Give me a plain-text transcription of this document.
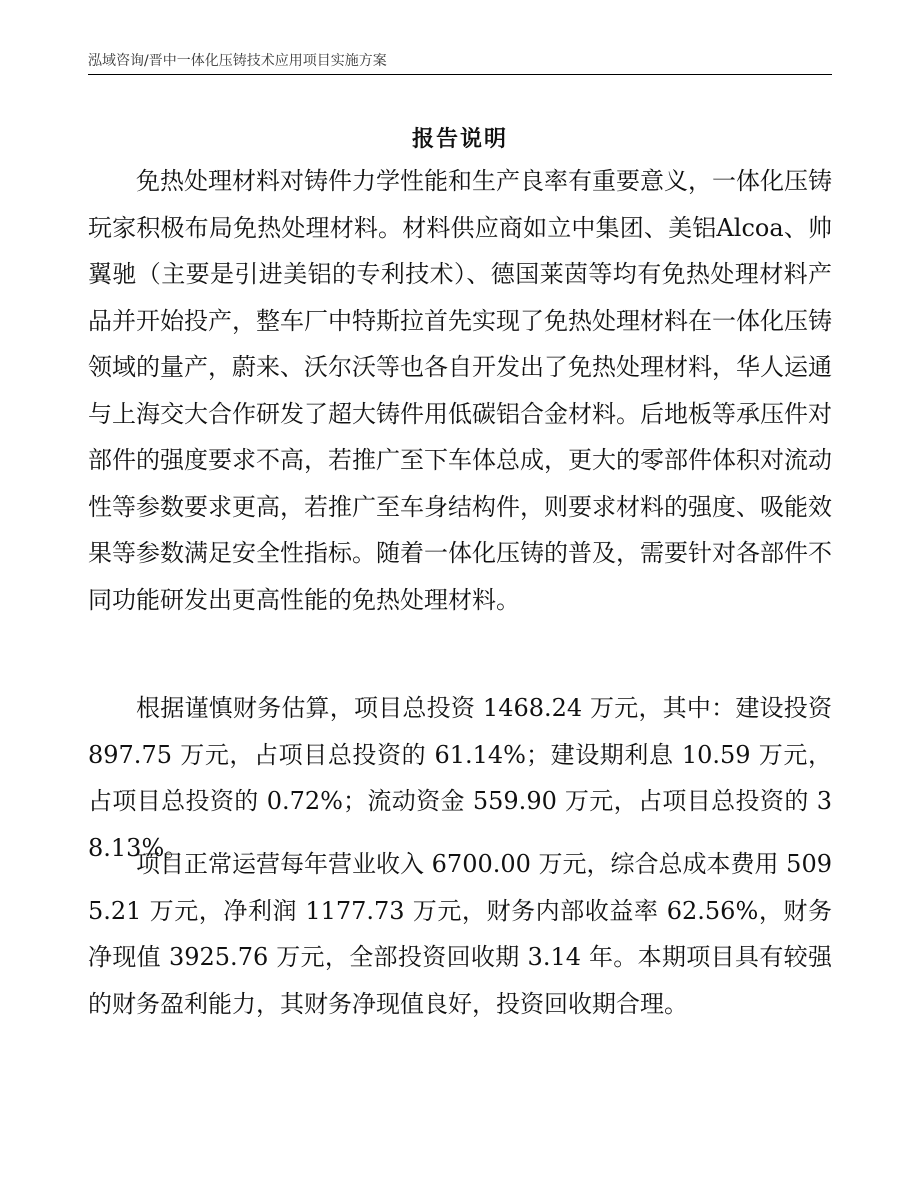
泓域咨询/晋中一体化压铸技术应用项目实施方案
报告说明

免热处理材料对铸件力学性能和生产良率有重要意义，一体化压铸玩家积极布局免热处理材料。材料供应商如立中集团、美铝Alcoa、帅翼驰（主要是引进美铝的专利技术）、德国莱茵等均有免热处理材料产品并开始投产，整车厂中特斯拉首先实现了免热处理材料在一体化压铸领域的量产，蔚来、沃尔沃等也各自开发出了免热处理材料，华人运通与上海交大合作研发了超大铸件用低碳铝合金材料。后地板等承压件对部件的强度要求不高，若推广至下车体总成，更大的零部件体积对流动性等参数要求更高，若推广至车身结构件，则要求材料的强度、吸能效果等参数满足安全性指标。随着一体化压铸的普及，需要针对各部件不同功能研发出更高性能的免热处理材料。

根据谨慎财务估算，项目总投资 1468.24 万元，其中：建设投资 897.75 万元，占项目总投资的 61.14%；建设期利息 10.59 万元，占项目总投资的 0.72%；流动资金 559.90 万元，占项目总投资的 38.13%。

项目正常运营每年营业收入 6700.00 万元，综合总成本费用 5095.21 万元，净利润 1177.73 万元，财务内部收益率 62.56%，财务净现值 3925.76 万元，全部投资回收期 3.14 年。本期项目具有较强的财务盈利能力，其财务净现值良好，投资回收期合理。
